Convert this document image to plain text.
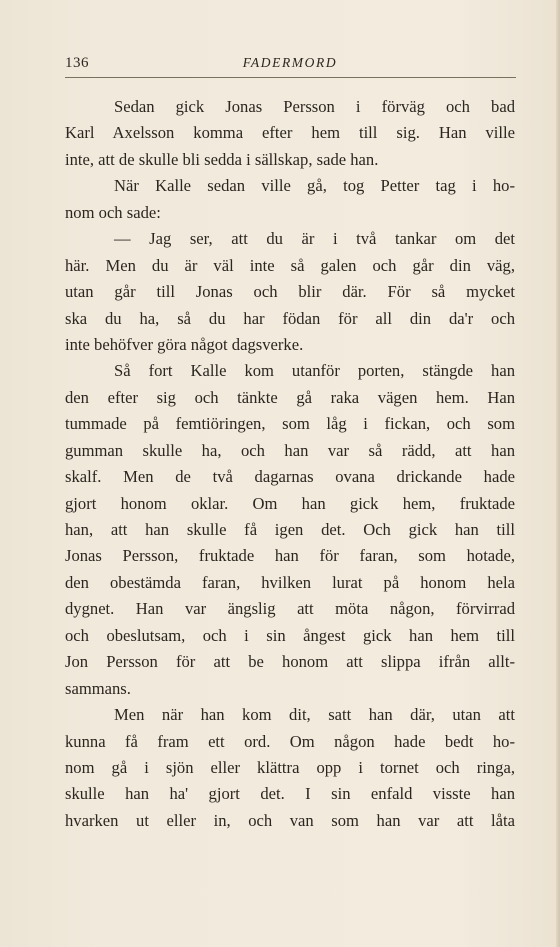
136	FADERMORD
Sedan gick Jonas Persson i förväg och bad
Karl Axelsson komma efter hem till sig. Han ville
inte, att de skulle bli sedda i sällskap, sade han.
När Kalle sedan ville gå, tog Petter tag i ho-
nom och sade:
— Jag ser, att du är i två tankar om det
här. Men du är väl inte så galen och går din väg,
utan går till Jonas och blir där. För så mycket
ska du ha, så du har födan för all din da'r och
inte behöfver göra något dagsverke.
Så fort Kalle kom utanför porten, stängde han
den efter sig och tänkte gå raka vägen hem. Han
tummade på femtiöringen, som låg i fickan, och som
gumman skulle ha, och han var så rädd, att han
skalf. Men de två dagarnas ovana drickande hade
gjort honom oklar. Om han gick hem, fruktade
han, att han skulle få igen det. Och gick han till
Jonas Persson, fruktade han för faran, som hotade,
den obestämda faran, hvilken lurat på honom hela
dygnet. Han var ängslig att möta någon, förvirrad
och obeslutsam, och i sin ångest gick han hem till
Jon Persson för att be honom att slippa ifrån allt-
sammans.
Men när han kom dit, satt han där, utan att
kunna få fram ett ord. Om någon hade bedt ho-
nom gå i sjön eller klättra opp i tornet och ringa,
skulle han ha' gjort det. I sin enfald visste han
hvarken ut eller in, och van som han var att låta
